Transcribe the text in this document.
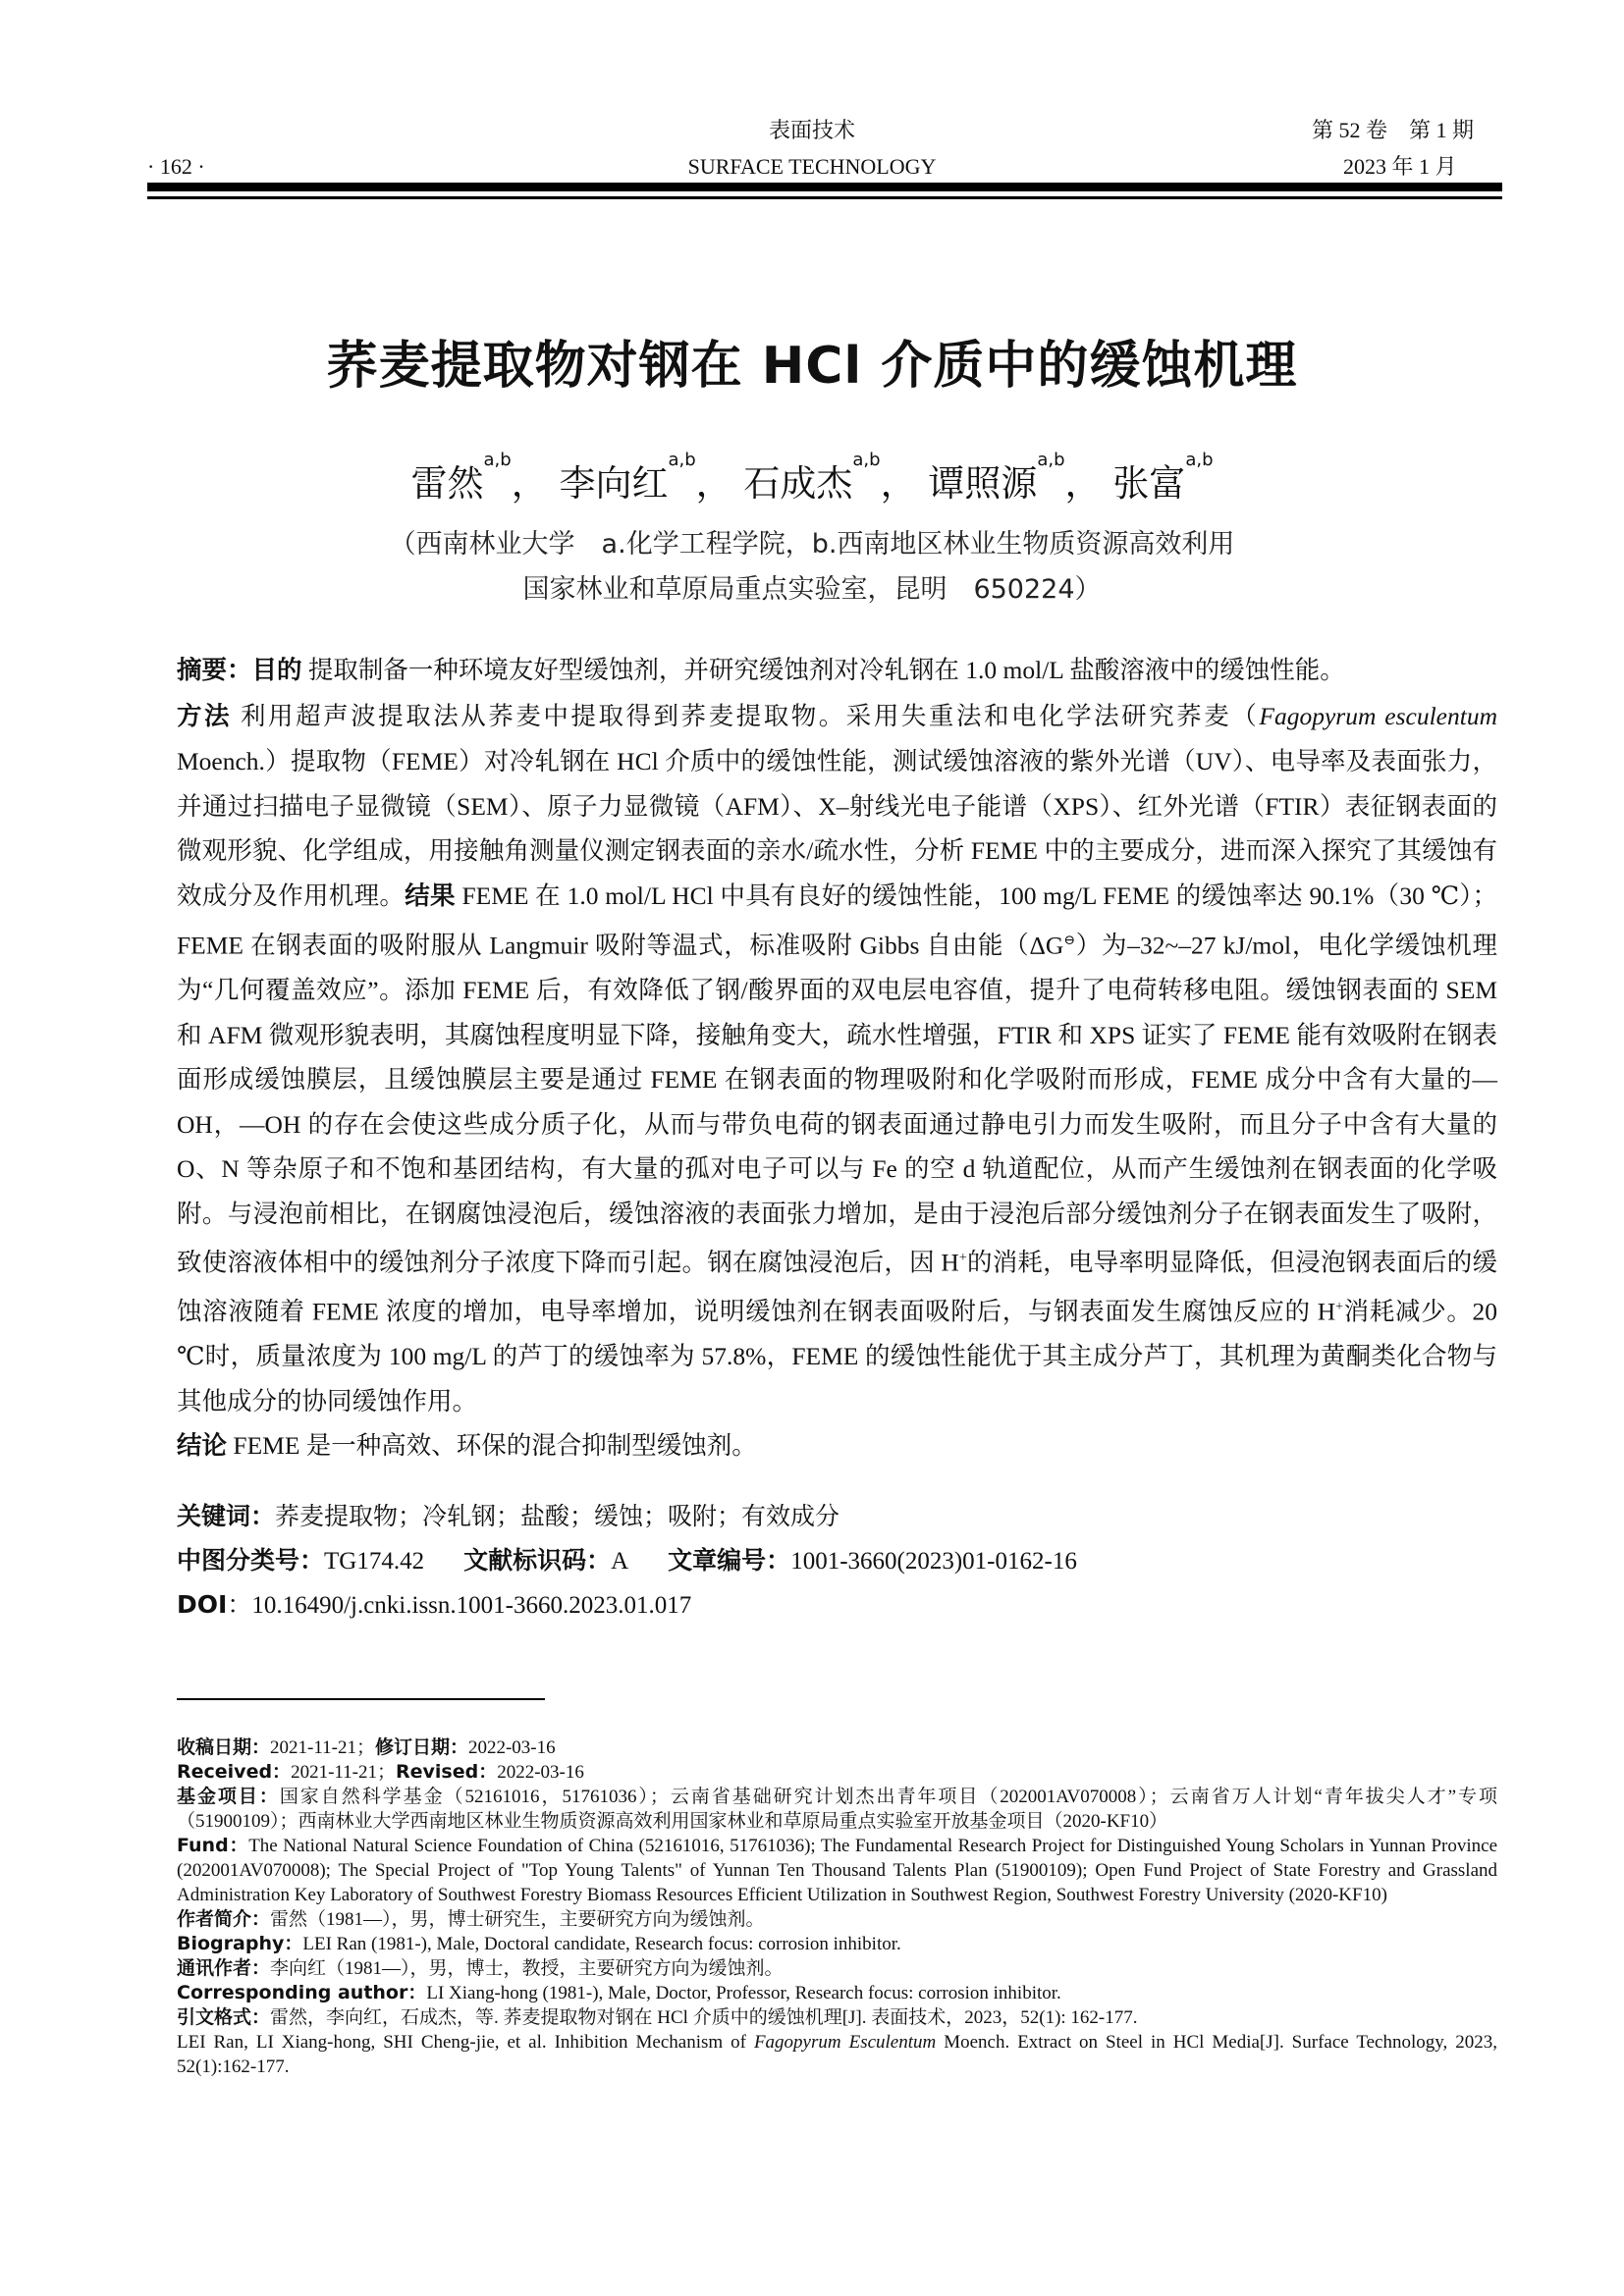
· 162 ·
表面技术
SURFACE TECHNOLOGY
第 52 卷　第 1 期
2023 年 1 月
荞麦提取物对钢在 HCl 介质中的缓蚀机理
雷然$^{a,b}$， 李向红$^{a,b}$， 石成杰$^{a,b}$， 谭照源$^{a,b}$， 张富$^{a,b}$
（西南林业大学　a.化学工程学院，b.西南地区林业生物质资源高效利用
国家林业和草原局重点实验室，昆明　650224）

摘要：目的 提取制备一种环境友好型缓蚀剂，并研究缓蚀剂对冷轧钢在 1.0 mol/L 盐酸溶液中的缓蚀性能。

方法 利用超声波提取法从荞麦中提取得到荞麦提取物。采用失重法和电化学法研究荞麦（Fagopyrum esculentum Moench.）提取物（FEME）对冷轧钢在 HCl 介质中的缓蚀性能，测试缓蚀溶液的紫外光谱（UV）、电导率及表面张力，并通过扫描电子显微镜（SEM）、原子力显微镜（AFM）、X–射线光电子能谱（XPS）、红外光谱（FTIR）表征钢表面的微观形貌、化学组成，用接触角测量仪测定钢表面的亲水/疏水性，分析 FEME 中的主要成分，进而深入探究了其缓蚀有效成分及作用机理。结果 FEME 在 1.0 mol/L HCl 中具有良好的缓蚀性能，100 mg/L FEME 的缓蚀率达 90.1%（30 ℃）；FEME 在钢表面的吸附服从 Langmuir 吸附等温式，标准吸附 Gibbs 自由能（ΔG⊖）为–32~–27 kJ/mol，电化学缓蚀机理为“几何覆盖效应”。添加 FEME 后，有效降低了钢/酸界面的双电层电容值，提升了电荷转移电阻。缓蚀钢表面的 SEM 和 AFM 微观形貌表明，其腐蚀程度明显下降，接触角变大，疏水性增强，FTIR 和 XPS 证实了 FEME 能有效吸附在钢表面形成缓蚀膜层，且缓蚀膜层主要是通过 FEME 在钢表面的物理吸附和化学吸附而形成，FEME 成分中含有大量的—OH，—OH 的存在会使这些成分质子化，从而与带负电荷的钢表面通过静电引力而发生吸附，而且分子中含有大量的 O、N 等杂原子和不饱和基团结构，有大量的孤对电子可以与 Fe 的空 d 轨道配位，从而产生缓蚀剂在钢表面的化学吸附。与浸泡前相比，在钢腐蚀浸泡后，缓蚀溶液的表面张力增加，是由于浸泡后部分缓蚀剂分子在钢表面发生了吸附，致使溶液体相中的缓蚀剂分子浓度下降而引起。钢在腐蚀浸泡后，因 H+的消耗，电导率明显降低，但浸泡钢表面后的缓蚀溶液随着 FEME 浓度的增加，电导率增加，说明缓蚀剂在钢表面吸附后，与钢表面发生腐蚀反应的 H+消耗减少。20 ℃时，质量浓度为 100 mg/L 的芦丁的缓蚀率为 57.8%，FEME 的缓蚀性能优于其主成分芦丁，其机理为黄酮类化合物与其他成分的协同缓蚀作用。

结论 FEME 是一种高效、环保的混合抑制型缓蚀剂。

关键词：荞麦提取物；冷轧钢；盐酸；缓蚀；吸附；有效成分
中图分类号：TG174.42 文献标识码：A 文章编号：1001-3660(2023)01-0162-16
DOI：10.16490/j.cnki.issn.1001-3660.2023.01.017

收稿日期：2021-11-21；修订日期：2022-03-16

Received：2021-11-21；Revised：2022-03-16

基金项目：国家自然科学基金（52161016，51761036）；云南省基础研究计划杰出青年项目（202001AV070008）；云南省万人计划“青年拔尖人才”专项（51900109）；西南林业大学西南地区林业生物质资源高效利用国家林业和草原局重点实验室开放基金项目（2020-KF10）

Fund：The National Natural Science Foundation of China (52161016, 51761036); The Fundamental Research Project for Distinguished Young Scholars in Yunnan Province (202001AV070008); The Special Project of "Top Young Talents" of Yunnan Ten Thousand Talents Plan (51900109); Open Fund Project of State Forestry and Grassland Administration Key Laboratory of Southwest Forestry Biomass Resources Efficient Utilization in Southwest Region, Southwest Forestry University (2020-KF10)

作者简介：雷然（1981—），男，博士研究生，主要研究方向为缓蚀剂。

Biography：LEI Ran (1981-), Male, Doctoral candidate, Research focus: corrosion inhibitor.

通讯作者：李向红（1981—），男，博士，教授，主要研究方向为缓蚀剂。

Corresponding author：LI Xiang-hong (1981-), Male, Doctor, Professor, Research focus: corrosion inhibitor.

引文格式：雷然，李向红，石成杰，等. 荞麦提取物对钢在 HCl 介质中的缓蚀机理[J]. 表面技术，2023，52(1): 162-177.

LEI Ran, LI Xiang-hong, SHI Cheng-jie, et al. Inhibition Mechanism of Fagopyrum Esculentum Moench. Extract on Steel in HCl Media[J]. Surface Technology, 2023, 52(1):162-177.
